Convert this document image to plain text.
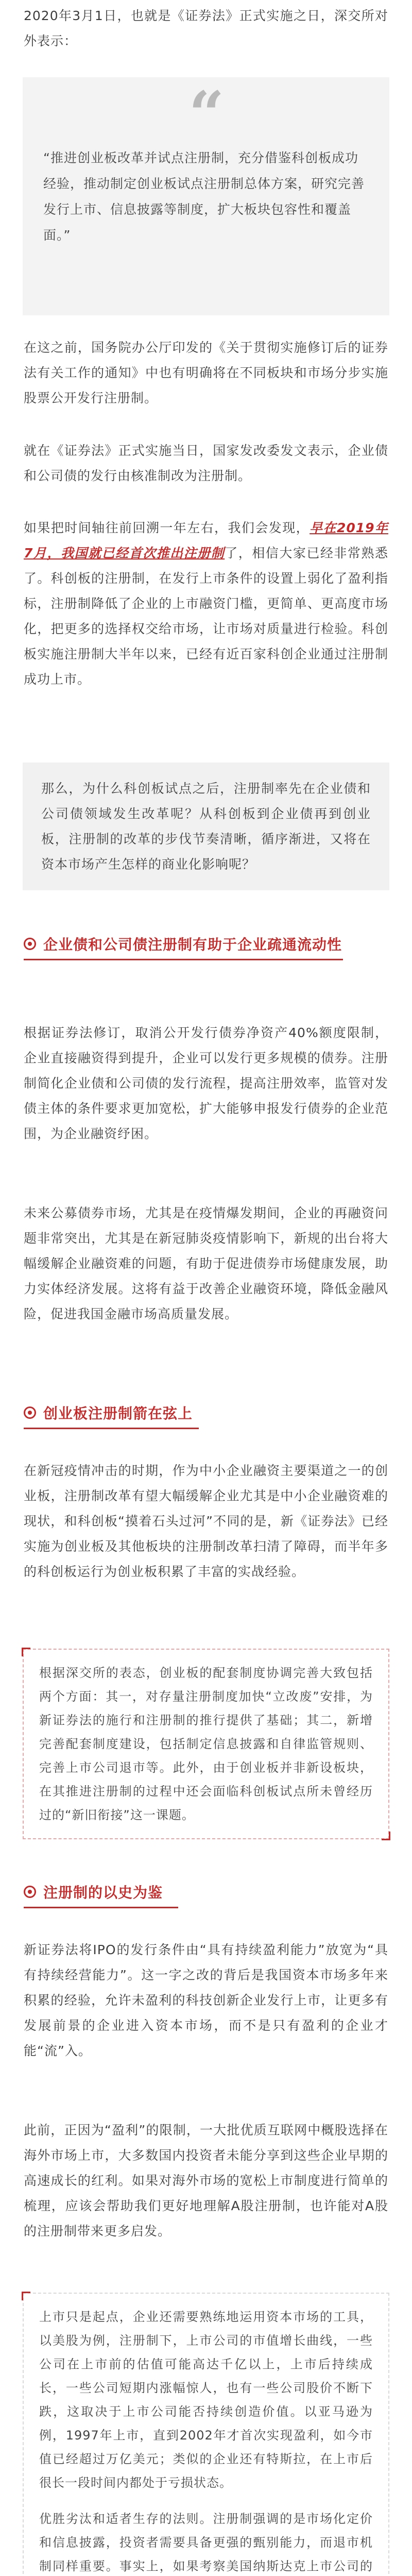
2020年3月1日，也就是《证券法》正式实施之日，深交所对外表示：

“

“推进创业板改革并试点注册制，充分借鉴科创板成功经验，推动制定创业板试点注册制总体方案，研究完善发行上市、信息披露等制度，扩大板块包容性和覆盖面。”

在这之前，国务院办公厅印发的《关于贯彻实施修订后的证券法有关工作的通知》中也有明确将在不同板块和市场分步实施股票公开发行注册制。

就在《证券法》正式实施当日，国家发改委发文表示，企业债和公司债的发行由核准制改为注册制。

如果把时间轴往前回溯一年左右，我们会发现，早在2019年7月，我国就已经首次推出注册制了，相信大家已经非常熟悉了。科创板的注册制，在发行上市条件的设置上弱化了盈利指标，注册制降低了企业的上市融资门槛，更简单、更高度市场化，把更多的选择权交给市场，让市场对质量进行检验。科创板实施注册制大半年以来，已经有近百家科创企业通过注册制成功上市。

那么，为什么科创板试点之后，注册制率先在企业债和公司债领域发生改革呢？从科创板到企业债再到创业板，注册制的改革的步伐节奏清晰，循序渐进，又将在资本市场产生怎样的商业化影响呢？

企业债和公司债注册制有助于企业疏通流动性

根据证券法修订，取消公开发行债券净资产40%额度限制，企业直接融资得到提升，企业可以发行更多规模的债券。注册制简化企业债和公司债的发行流程，提高注册效率，监管对发债主体的条件要求更加宽松，扩大能够申报发行债券的企业范围，为企业融资纾困。

未来公募债券市场，尤其是在疫情爆发期间，企业的再融资问题非常突出，尤其是在新冠肺炎疫情影响下，新规的出台将大幅缓解企业融资难的问题，有助于促进债券市场健康发展，助力实体经济发展。这将有益于改善企业融资环境，降低金融风险，促进我国金融市场高质量发展。

创业板注册制箭在弦上

在新冠疫情冲击的时期，作为中小企业融资主要渠道之一的创业板，注册制改革有望大幅缓解企业尤其是中小企业融资难的现状，和科创板“摸着石头过河”不同的是，新《证券法》已经实施为创业板及其他板块的注册制改革扫清了障碍，而半年多的科创板运行为创业板积累了丰富的实战经验。

根据深交所的表态，创业板的配套制度协调完善大致包括两个方面：其一，对存量注册制度加快“立改废”安排，为新证券法的施行和注册制的推行提供了基础；其二，新增完善配套制度建设，包括制定信息披露和自律监管规则、完善上市公司退市等。此外，由于创业板并非新设板块，在其推进注册制的过程中还会面临科创板试点所未曾经历过的“新旧衔接”这一课题。

注册制的以史为鉴

新证券法将IPO的发行条件由“具有持续盈利能力”放宽为“具有持续经营能力”。这一字之改的背后是我国资本市场多年来积累的经验，允许未盈利的科技创新企业发行上市，让更多有发展前景的企业进入资本市场，而不是只有盈利的企业才能“流”入。

此前，正因为“盈利”的限制，一大批优质互联网中概股选择在海外市场上市，大多数国内投资者未能分享到这些企业早期的高速成长的红利。如果对海外市场的宽松上市制度进行简单的梳理，应该会帮助我们更好地理解A股注册制，也许能对A股的注册制带来更多启发。

上市只是起点，企业还需要熟练地运用资本市场的工具，以美股为例，注册制下，上市公司的市值增长曲线，一些公司在上市前的估值可能高达千亿以上，上市后持续成长，一些公司短期内涨幅惊人，也有一些公司股价不断下跌，这取决于上市公司能否持续创造价值。以亚马逊为例，1997年上市，直到2002年才首次实现盈利，如今市值已经超过万亿美元；类似的企业还有特斯拉，在上市后很长一段时间内都处于亏损状态。

优胜劣汰和适者生存的法则。注册制强调的是市场化定价和信息披露，投资者需要具备更强的甄别能力，而退市机制同样重要。事实上，如果考察美国纳斯达克上市公司的
